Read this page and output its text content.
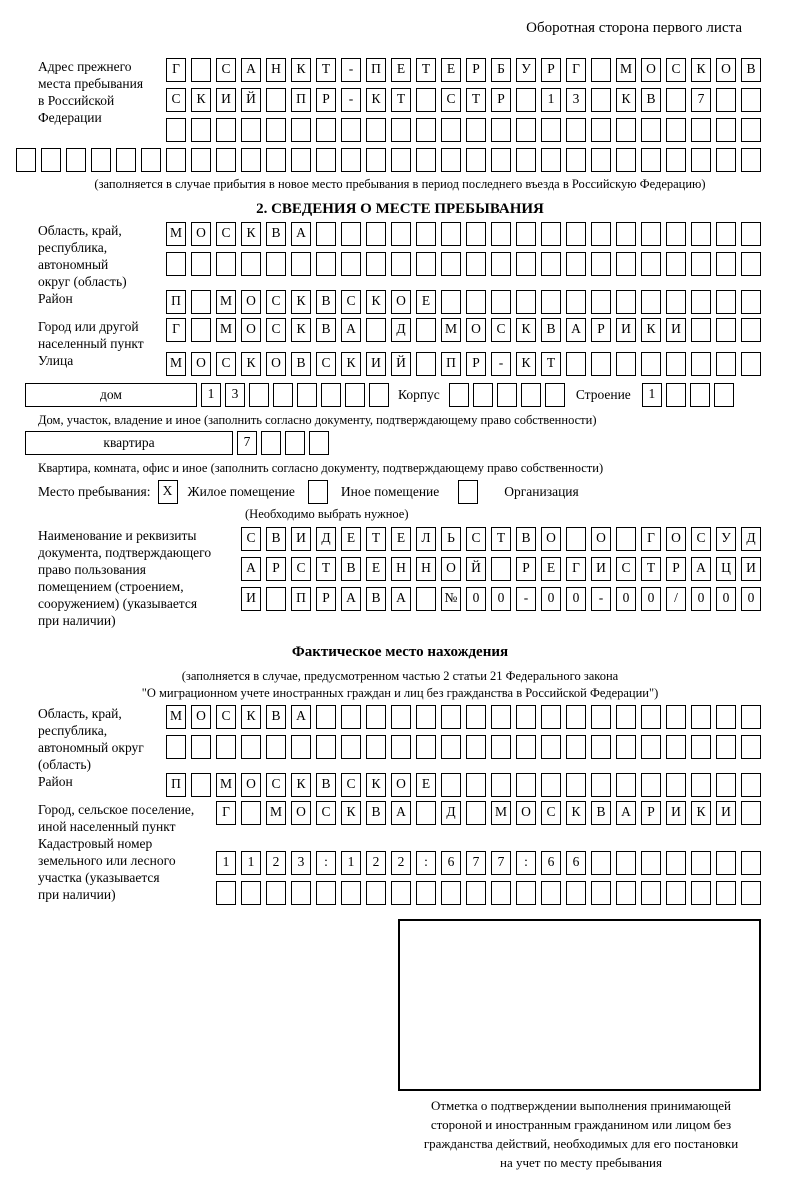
Оборотная сторона первого листа
Адрес прежнего
места пребывания
в Российской
Федерации
Г	С	А	Н	К	Т	-	П	Е	Т	Е	Р	Б	У	Р	Г	М	О	С	К	О	В
С	К	И	Й	П	Р	-	К	Т	С	Т	Р	1	3	К	В	7
(заполняется в случае прибытия в новое место пребывания в период последнего въезда в Российскую Федерацию)
2. СВЕДЕНИЯ О МЕСТЕ ПРЕБЫВАНИЯ
Область, край,
республика,
автономный
округ (область)
М	О	С	К	В	А
Район	П	М	О	С	К	В	С	К	О	Е
Город или другой
населенный пункт
Г	М	О	С	К	В	А	Д	М	О	С	К	В	А	Р	И	К	И
Улица	М	О	С	К	О	В	С	К	И	Й	П	Р	-	К	Т
дом	1	3	Корпус	Строение	1
Дом, участок, владение и иное (заполнить согласно документу, подтверждающему право собственности)
квартира	7
Квартира, комната, офис и иное (заполнить согласно документу, подтверждающему право собственности)
Место пребывания: Х	Жилое помещение	Иное помещение	Организация
(Необходимо выбрать нужное)
Наименование и реквизиты
документа, подтверждающего
право пользования
помещением (строением,
сооружением) (указывается
при наличии)
С	В	И	Д	Е	Т	Е	Л	Ь	С	Т	В	О	О	Г	О	С	У	Д
А	Р	С	Т	В	Е	Н	Н	О	Й	Р	Е	Г	И	С	Т	Р	А	Ц	И
И	П	Р	А	В	А	№	0	0	-	0	0	-	0	0	/	0	0	0
Фактическое место нахождения
(заполняется в случае, предусмотренном частью 2 статьи 21 Федерального закона
"О миграционном учете иностранных граждан и лиц без гражданства в Российской Федерации")
Область, край,
республика,
автономный округ
(область)
М	О	С	К	В	А
Район	П	М	О	С	К	В	С	К	О	Е
Город, сельское поселение,
иной населенный пункт
Г	М	О	С	К	В	А	Д	М	О	С	К	В	А	Р	И	К	И
Кадастровый номер
земельного или лесного
участка (указывается
при наличии)
1	1	2	3	:	1	2	2	:	6	7	7	:	6	6
Отметка о подтверждении выполнения принимающей
стороной и иностранным гражданином или лицом без
гражданства действий, необходимых для его постановки
на учет по месту пребывания
